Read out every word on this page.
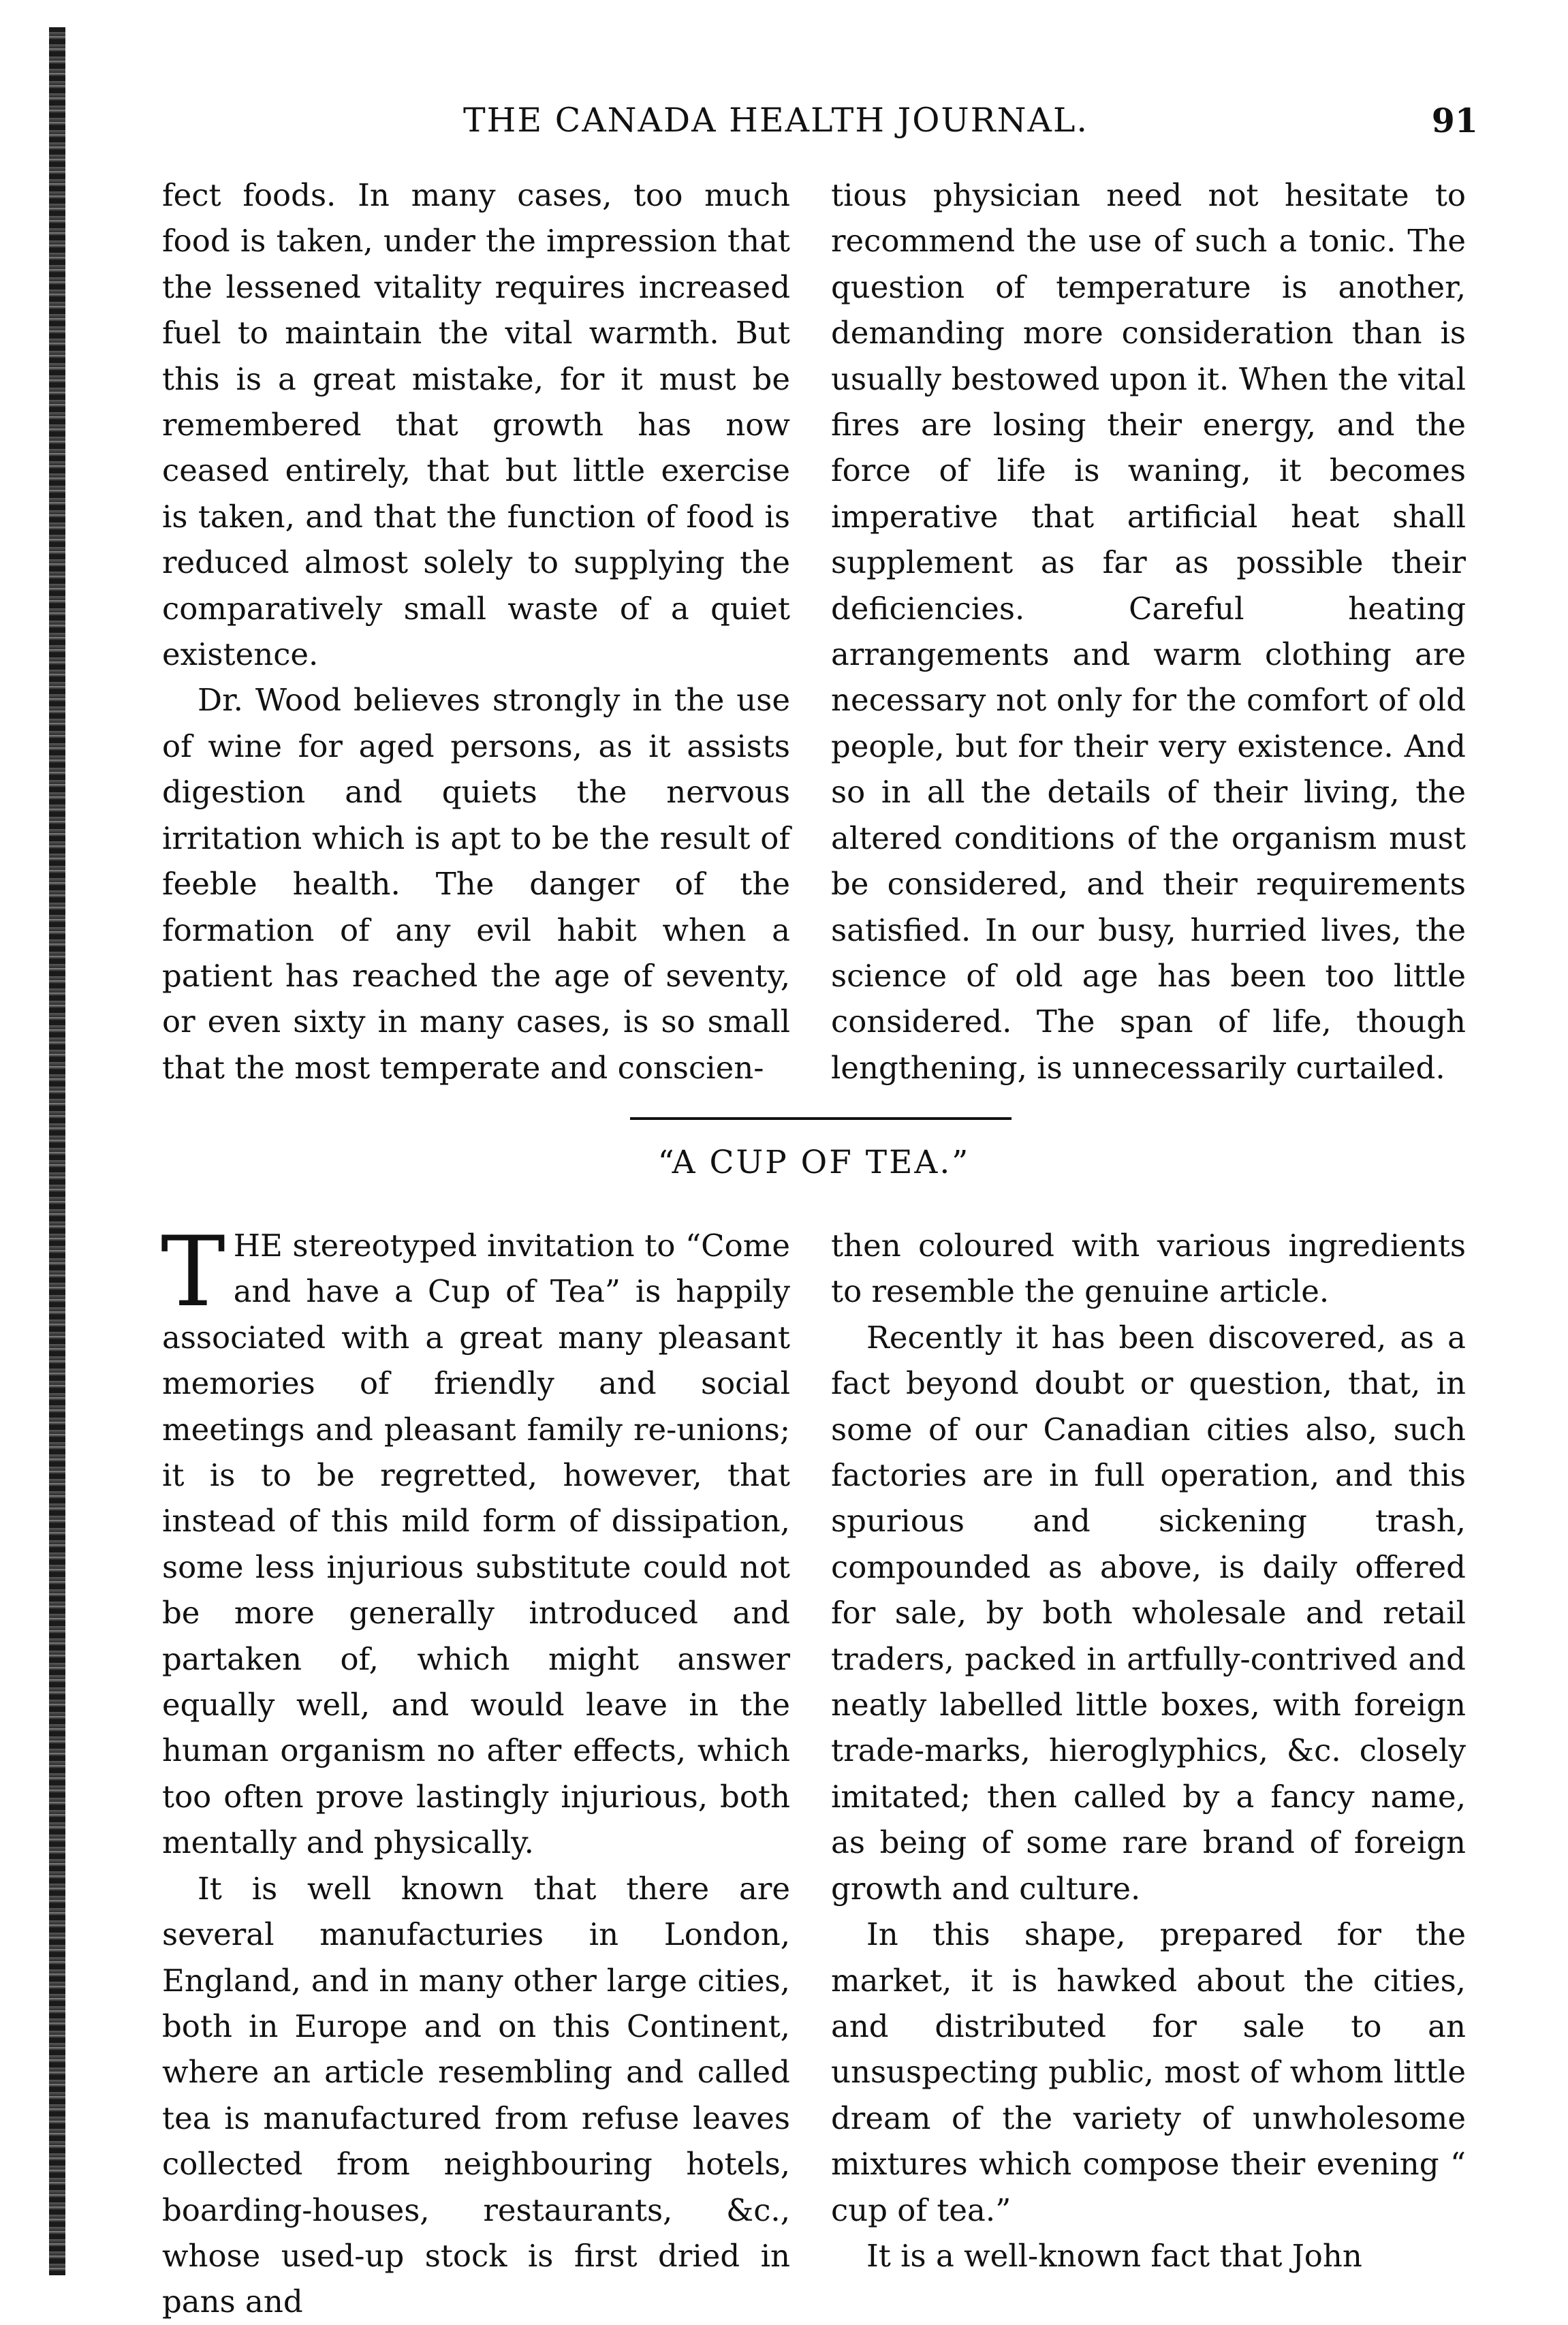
THE CANADA HEALTH JOURNAL.	91

fect foods. In many cases, too much food is taken, under the impression that the lessened vitality requires increased fuel to maintain the vital warmth. But this is a great mistake, for it must be remembered that growth has now ceased entirely, that but little exercise is taken, and that the function of food is reduced almost solely to supplying the comparatively small waste of a quiet existence.

Dr. Wood believes strongly in the use of wine for aged persons, as it assists digestion and quiets the nervous irritation which is apt to be the result of feeble health. The danger of the formation of any evil habit when a patient has reached the age of seventy, or even sixty in many cases, is so small that the most temperate and conscien-

tious physician need not hesitate to recommend the use of such a tonic. The question of temperature is another, demanding more consideration than is usually bestowed upon it. When the vital fires are losing their energy, and the force of life is waning, it becomes imperative that artificial heat shall supplement as far as possible their deficiencies. Careful heating arrangements and warm clothing are necessary not only for the comfort of old people, but for their very existence. And so in all the details of their living, the altered conditions of the organism must be considered, and their requirements satisfied. In our busy, hurried lives, the science of old age has been too little considered. The span of life, though lengthening, is unnecessarily curtailed.

“A CUP OF TEA.”

THE stereotyped invitation to “Come and have a Cup of Tea” is happily associated with a great many pleasant memories of friendly and social meetings and pleasant family re-unions; it is to be regretted, however, that instead of this mild form of dissipation, some less injurious substitute could not be more generally introduced and partaken of, which might answer equally well, and would leave in the human organism no after effects, which too often prove lastingly injurious, both mentally and physically.

It is well known that there are several manufacturies in London, England, and in many other large cities, both in Europe and on this Continent, where an article resembling and called tea is manufactured from refuse leaves collected from neighbouring hotels, boarding-houses, restaurants, &c., whose used-up stock is first dried in pans and

then coloured with various ingredients to resemble the genuine article.

Recently it has been discovered, as a fact beyond doubt or question, that, in some of our Canadian cities also, such factories are in full operation, and this spurious and sickening trash, compounded as above, is daily offered for sale, by both wholesale and retail traders, packed in artfully-contrived and neatly labelled little boxes, with foreign trade-marks, hieroglyphics, &c. closely imitated; then called by a fancy name, as being of some rare brand of foreign growth and culture.

In this shape, prepared for the market, it is hawked about the cities, and distributed for sale to an unsuspecting public, most of whom little dream of the variety of unwholesome mixtures which compose their evening “ cup of tea.”

It is a well-known fact that John
